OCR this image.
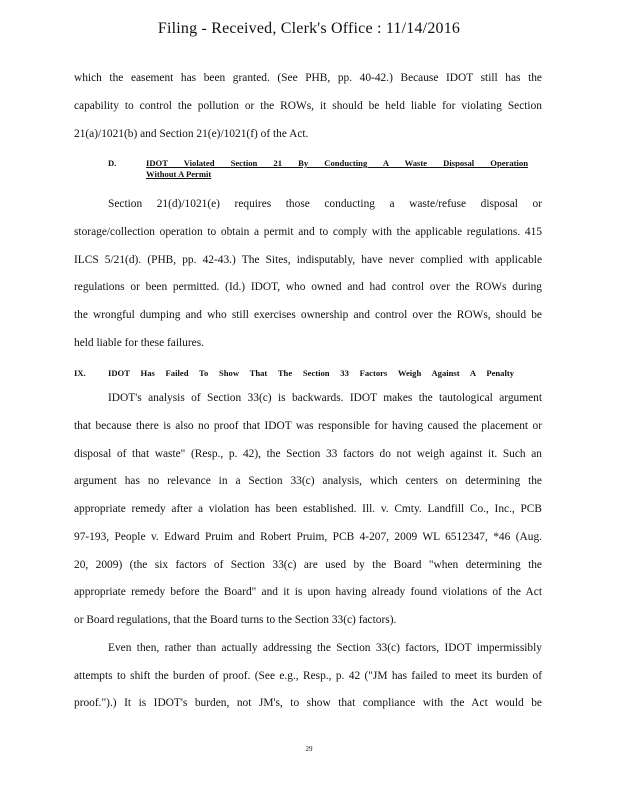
Filing - Received, Clerk's Office : 11/14/2016

which the easement has been granted. (See PHB, pp. 40-42.) Because IDOT still has the

capability to control the pollution or the ROWs, it should be held liable for violating Section

21(a)/1021(b) and Section 21(e)/1021(f) of the Act.

D.	IDOT Violated Section 21 By Conducting A Waste Disposal Operation
Without A Permit

Section 21(d)/1021(e) requires those conducting a waste/refuse disposal or

storage/collection operation to obtain a permit and to comply with the applicable regulations. 415

ILCS 5/21(d). (PHB, pp. 42-43.) The Sites, indisputably, have never complied with applicable

regulations or been permitted. (Id.) IDOT, who owned and had control over the ROWs during

the wrongful dumping and who still exercises ownership and control over the ROWs, should be

held liable for these failures.

IX.	IDOT Has Failed To Show That The Section 33 Factors Weigh Against A Penalty

IDOT's analysis of Section 33(c) is backwards. IDOT makes the tautological argument

that because there is also no proof that IDOT was responsible for having caused the placement or

disposal of that waste" (Resp., p. 42), the Section 33 factors do not weigh against it. Such an

argument has no relevance in a Section 33(c) analysis, which centers on determining the

appropriate remedy after a violation has been established. Ill. v. Cmty. Landfill Co., Inc., PCB

97-193, People v. Edward Pruim and Robert Pruim, PCB 4-207, 2009 WL 6512347, *46 (Aug.

20, 2009) (the six factors of Section 33(c) are used by the Board "when determining the

appropriate remedy before the Board" and it is upon having already found violations of the Act

or Board regulations, that the Board turns to the Section 33(c) factors).

Even then, rather than actually addressing the Section 33(c) factors, IDOT impermissibly

attempts to shift the burden of proof. (See e.g., Resp., p. 42 ("JM has failed to meet its burden of

proof.").) It is IDOT's burden, not JM's, to show that compliance with the Act would be

29
